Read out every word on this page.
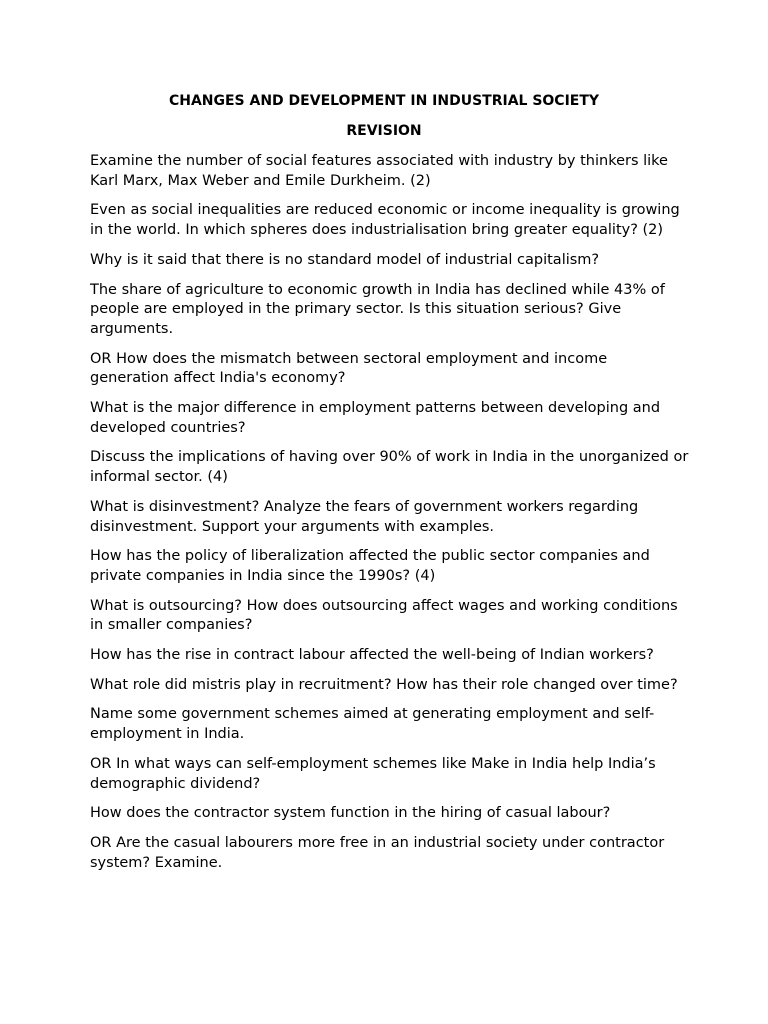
CHANGES AND DEVELOPMENT IN INDUSTRIAL SOCIETY
REVISION

Examine the number of social features associated with industry by thinkers like Karl Marx, Max Weber and Emile Durkheim. (2)

Even as social inequalities are reduced economic or income inequality is growing in the world. In which spheres does industrialisation bring greater equality? (2)

Why is it said that there is no standard model of industrial capitalism?

The share of agriculture to economic growth in India has declined while 43% of people are employed in the primary sector. Is this situation serious? Give arguments.

OR How does the mismatch between sectoral employment and income generation affect India's economy?

What is the major difference in employment patterns between developing and developed countries?

Discuss the implications of having over 90% of work in India in the unorganized or informal sector. (4)

What is disinvestment? Analyze the fears of government workers regarding disinvestment. Support your arguments with examples.

How has the policy of liberalization affected the public sector companies and private companies in India since the 1990s? (4)

What is outsourcing? How does outsourcing affect wages and working conditions in smaller companies?

How has the rise in contract labour affected the well-being of Indian workers?

What role did mistris play in recruitment? How has their role changed over time?

Name some government schemes aimed at generating employment and self-employment in India.

OR In what ways can self-employment schemes like Make in India help India’s demographic dividend?

How does the contractor system function in the hiring of casual labour?

OR Are the casual labourers more free in an industrial society under contractor system? Examine.
